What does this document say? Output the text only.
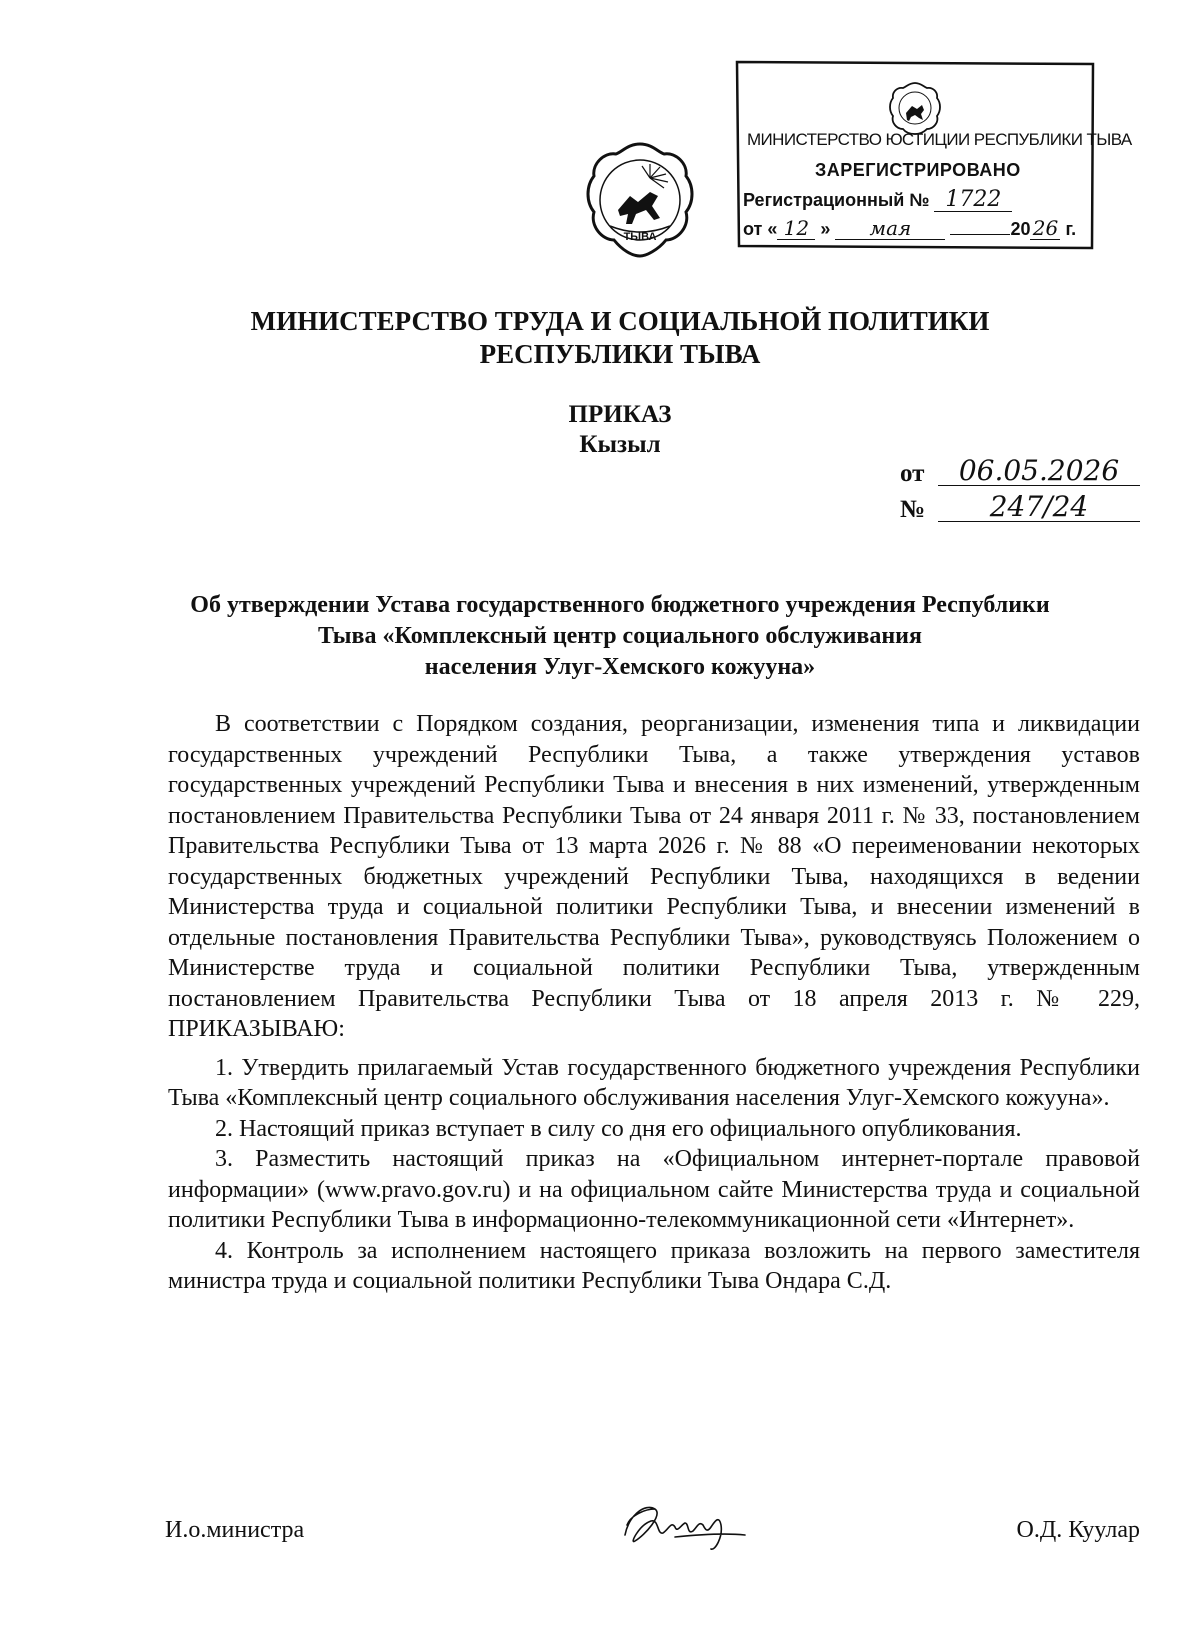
ТЫВА
МИНИСТЕРСТВО ЮСТИЦИИ РЕСПУБЛИКИ ТЫВА
ЗАРЕГИСТРИРОВАНО
Регистрационный № 1722
от « 12 » мая	20 26 г.
МИНИСТЕРСТВО ТРУДА И СОЦИАЛЬНОЙ ПОЛИТИКИ
РЕСПУБЛИКИ ТЫВА
ПРИКАЗ
Кызыл
от	06.05.2026
№	247/24
Об утверждении Устава государственного бюджетного учреждения Республики
Тыва «Комплексный центр социального обслуживания
населения Улуг-Хемского кожууна»

В соответствии с Порядком создания, реорганизации, изменения типа и ликвидации государственных учреждений Республики Тыва, а также утверждения уставов государственных учреждений Республики Тыва и внесения в них изменений, утвержденным постановлением Правительства Республики Тыва от 24 января 2011 г. № 33, постановлением Правительства Республики Тыва от 13 марта 2026 г. № 88 «О переименовании некоторых государственных бюджетных учреждений Республики Тыва, находящихся в ведении Министерства труда и социальной политики Республики Тыва, и внесении изменений в отдельные постановления Правительства Республики Тыва», руководствуясь Положением о Министерстве труда и социальной политики Республики Тыва, утвержденным постановлением Правительства Республики Тыва от 18 апреля 2013 г. № 229, ПРИКАЗЫВАЮ:

1. Утвердить прилагаемый Устав государственного бюджетного учреждения Республики Тыва «Комплексный центр социального обслуживания населения Улуг-Хемского кожууна».

2. Настоящий приказ вступает в силу со дня его официального опубликования.

3. Разместить настоящий приказ на «Официальном интернет-портале правовой информации» (www.pravo.gov.ru) и на официальном сайте Министерства труда и социальной политики Республики Тыва в информационно-телекоммуникационной сети «Интернет».

4. Контроль за исполнением настоящего приказа возложить на первого заместителя министра труда и социальной политики Республики Тыва Ондара С.Д.

И.о.министра	О.Д. Куулар
